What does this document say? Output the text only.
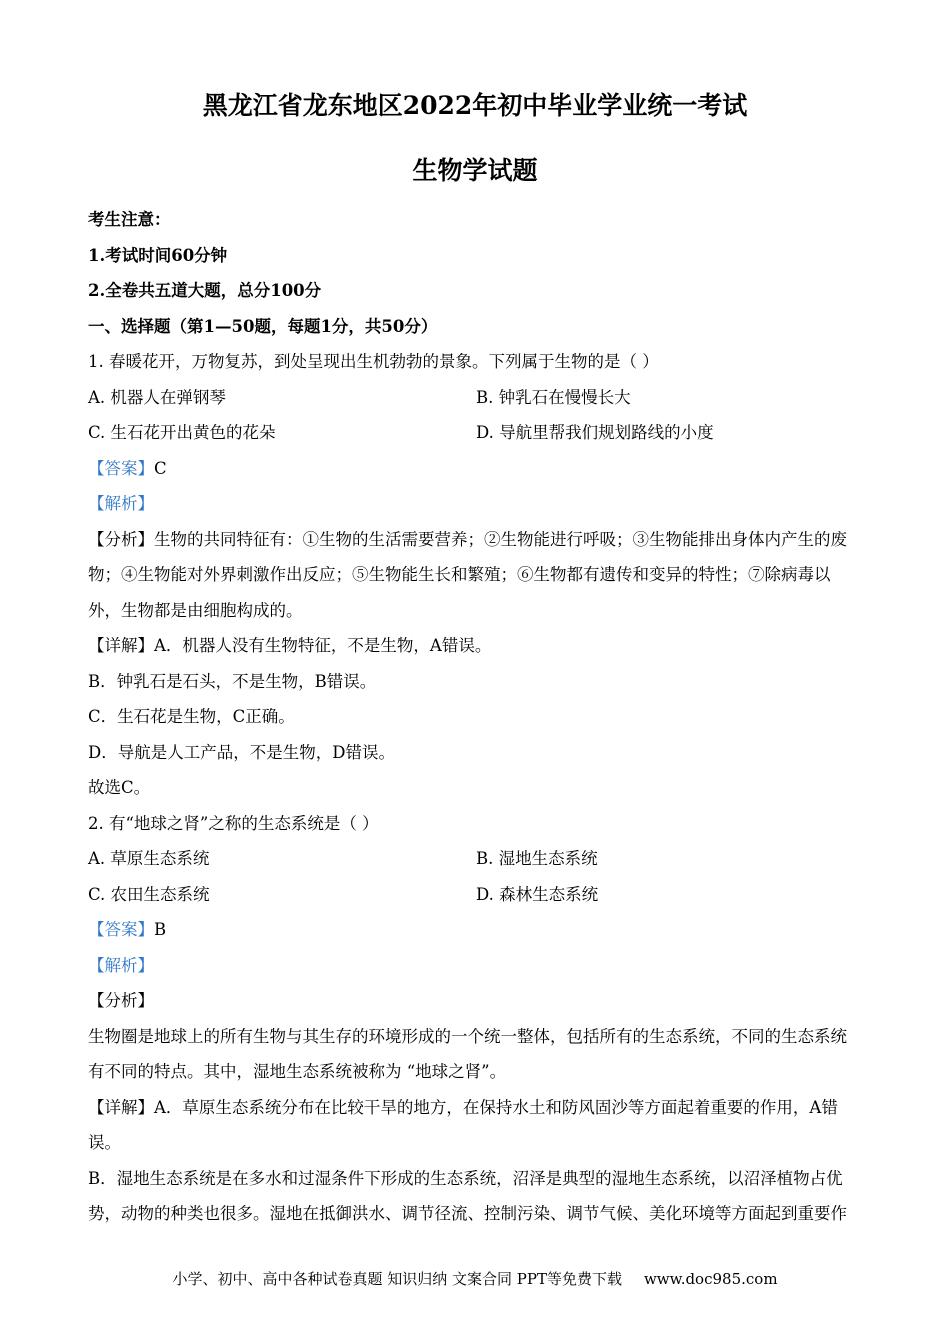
黑龙江省龙东地区2022年初中毕业学业统一考试
生物学试题
考生注意：
1.考试时间60分钟
2.全卷共五道大题，总分100分
一、选择题（第1—50题，每题1分，共50分）
1. 春暖花开，万物复苏，到处呈现出生机勃勃的景象。下列属于生物的是（ ）
A. 机器人在弹钢琴	B. 钟乳石在慢慢长大
C. 生石花开出黄色的花朵	D. 导航里帮我们规划路线的小度
【答案】C
【解析】
【分析】生物的共同特征有：①生物的生活需要营养；②生物能进行呼吸；③生物能排出身体内产生的废物；④生物能对外界刺激作出反应；⑤生物能生长和繁殖；⑥生物都有遗传和变异的特性；⑦除病毒以外，生物都是由细胞构成的。
【详解】A．机器人没有生物特征，不是生物，A错误。
B．钟乳石是石头，不是生物，B错误。
C．生石花是生物，C正确。
D．导航是人工产品，不是生物，D错误。
故选C。
2. 有“地球之肾”之称的生态系统是（ ）
A. 草原生态系统	B. 湿地生态系统
C. 农田生态系统	D. 森林生态系统
【答案】B
【解析】
【分析】
生物圈是地球上的所有生物与其生存的环境形成的一个统一整体，包括所有的生态系统，不同的生态系统有不同的特点。其中，湿地生态系统被称为 “地球之肾”。
【详解】A．草原生态系统分布在比较干旱的地方，在保持水土和防风固沙等方面起着重要的作用，A错误。
B．湿地生态系统是在多水和过湿条件下形成的生态系统，沼泽是典型的湿地生态系统，以沼泽植物占优势，动物的种类也很多。湿地在抵御洪水、调节径流、控制污染、调节气候、美化环境等方面起到重要作
小学、初中、高中各种试卷真题 知识归纳 文案合同 PPT等免费下载 www.doc985.com
